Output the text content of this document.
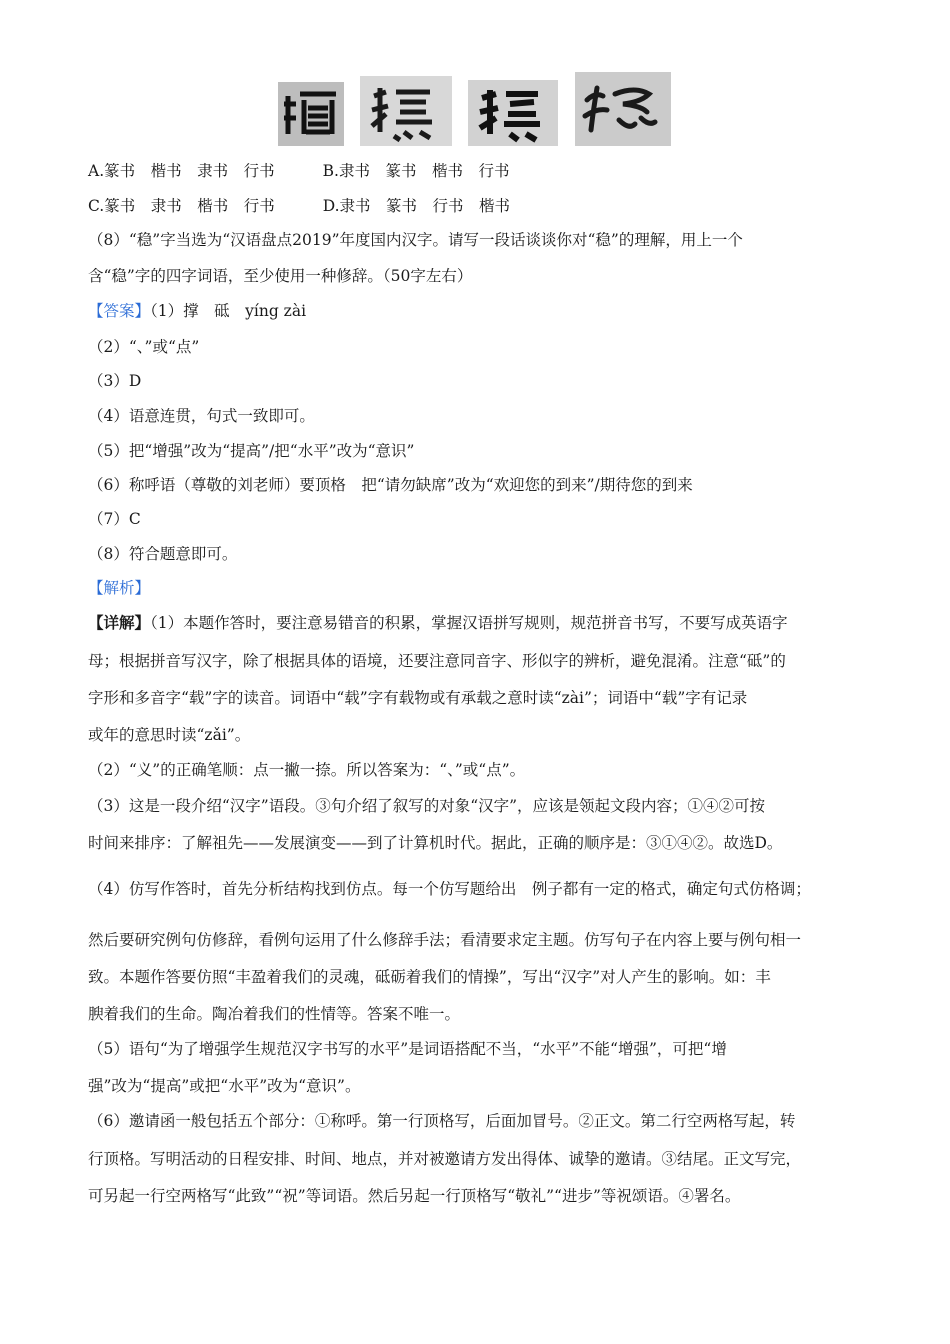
A.篆书　楷书　隶书　行书	B.隶书　篆书　楷书　行书
C.篆书　隶书　楷书　行书	D.隶书　篆书　行书　楷书
（8）“稳”字当选为“汉语盘点2019”年度国内汉字。请写一段话谈谈你对“稳”的理解，用上一个
含“稳”字的四字词语，至少使用一种修辞。（50字左右）
【答案】（1）撑　砥　yíng zài
（2）“、”或“点”
（3）D
（4）语意连贯，句式一致即可。
（5）把“增强”改为“提高”/把“水平”改为“意识”
（6）称呼语（尊敬的刘老师）要顶格　把“请勿缺席”改为“欢迎您的到来”/期待您的到来
（7）C
（8）符合题意即可。
【解析】
【详解】（1）本题作答时，要注意易错音的积累，掌握汉语拼写规则，规范拼音书写，不要写成英语字
母；根据拼音写汉字，除了根据具体的语境，还要注意同音字、形似字的辨析，避免混淆。注意“砥”的
字形和多音字“载”字的读音。词语中“载”字有载物或有承载之意时读“zài”；词语中“载”字有记录
或年的意思时读“zǎi”。
（2）“义”的正确笔顺：点一撇一捺。所以答案为：“、”或“点”。
（3）这是一段介绍“汉字”语段。③句介绍了叙写的对象“汉字”，应该是领起文段内容；①④②可按
时间来排序：了解祖先——发展演变——到了计算机时代。据此，正确的顺序是：③①④②。故选D。
（4）仿写作答时，首先分析结构找到仿点。每一个仿写题给出　例子都有一定的格式，确定句式仿格调；
然后要研究例句仿修辞，看例句运用了什么修辞手法；看清要求定主题。仿写句子在内容上要与例句相一
致。本题作答要仿照“丰盈着我们的灵魂，砥砺着我们的情操”，写出“汉字”对人产生的影响。如：丰
腴着我们的生命。陶冶着我们的性情等。答案不唯一。
（5）语句“为了增强学生规范汉字书写的水平”是词语搭配不当，“水平”不能“增强”，可把“增
强”改为“提高”或把“水平”改为“意识”。
（6）邀请函一般包括五个部分：①称呼。第一行顶格写，后面加冒号。②正文。第二行空两格写起，转
行顶格。写明活动的日程安排、时间、地点，并对被邀请方发出得体、诚挚的邀请。③结尾。正文写完，
可另起一行空两格写“此致”“祝”等词语。然后另起一行顶格写“敬礼”“进步”等祝颂语。④署名。
